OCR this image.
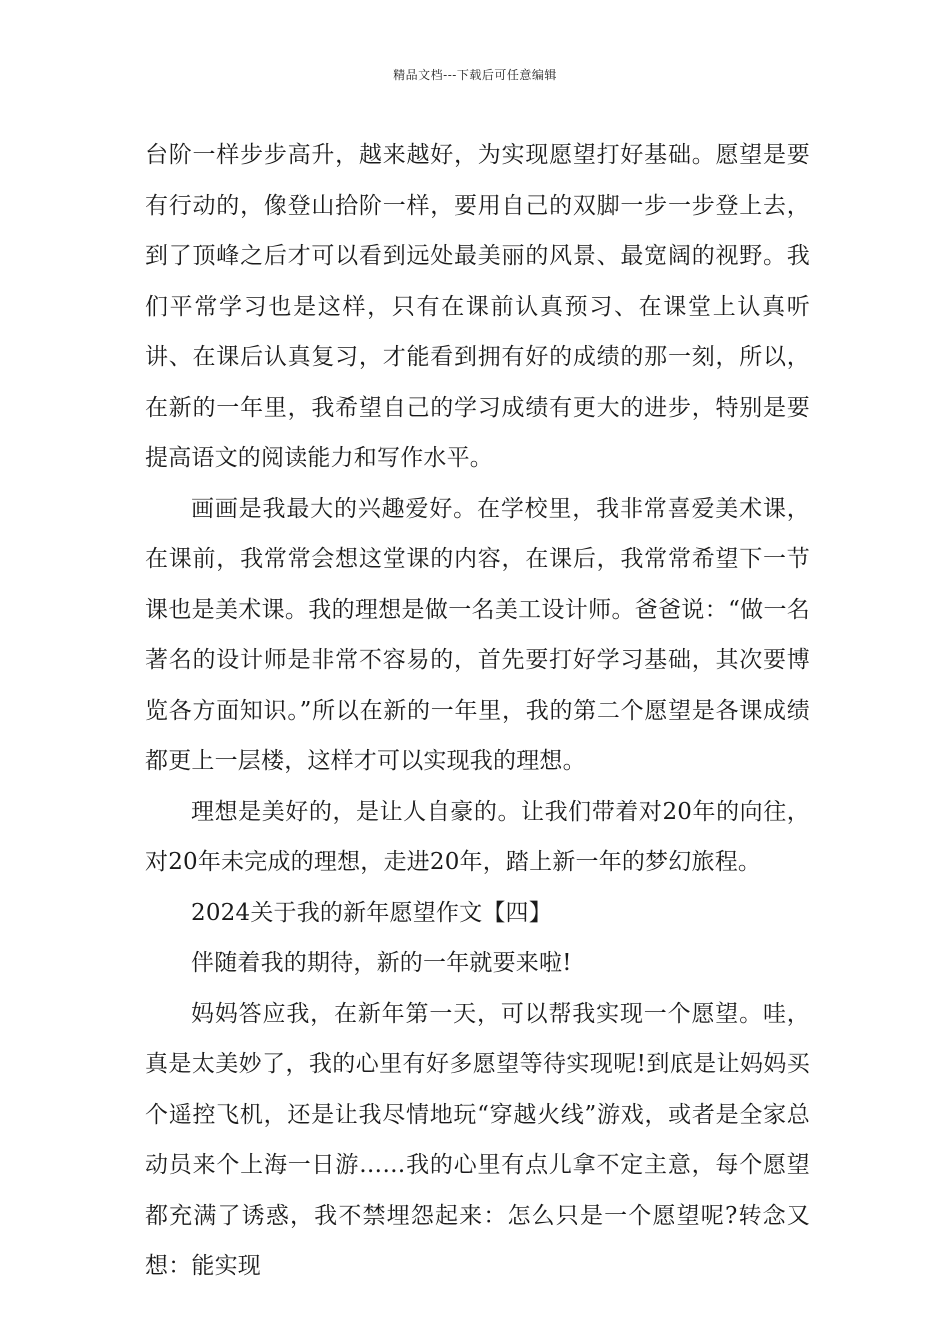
精品文档---下载后可任意编辑

台阶一样步步高升，越来越好，为实现愿望打好基础。愿望是要有行动的，像登山拾阶一样，要用自己的双脚一步一步登上去，到了顶峰之后才可以看到远处最美丽的风景、最宽阔的视野。我们平常学习也是这样，只有在课前认真预习、在课堂上认真听讲、在课后认真复习，才能看到拥有好的成绩的那一刻，所以，在新的一年里，我希望自己的学习成绩有更大的进步，特别是要提高语文的阅读能力和写作水平。

画画是我最大的兴趣爱好。在学校里，我非常喜爱美术课，在课前，我常常会想这堂课的内容，在课后，我常常希望下一节课也是美术课。我的理想是做一名美工设计师。爸爸说：“做一名著名的设计师是非常不容易的，首先要打好学习基础，其次要博览各方面知识。”所以在新的一年里，我的第二个愿望是各课成绩都更上一层楼，这样才可以实现我的理想。

理想是美好的，是让人自豪的。让我们带着对20年的向往，对20年未完成的理想，走进20年，踏上新一年的梦幻旅程。

2024关于我的新年愿望作文【四】

伴随着我的期待，新的一年就要来啦!

妈妈答应我，在新年第一天，可以帮我实现一个愿望。哇，真是太美妙了，我的心里有好多愿望等待实现呢!到底是让妈妈买个遥控飞机，还是让我尽情地玩“穿越火线”游戏，或者是全家总动员来个上海一日游……我的心里有点儿拿不定主意，每个愿望都充满了诱惑，我不禁埋怨起来：怎么只是一个愿望呢?转念又想：能实现
